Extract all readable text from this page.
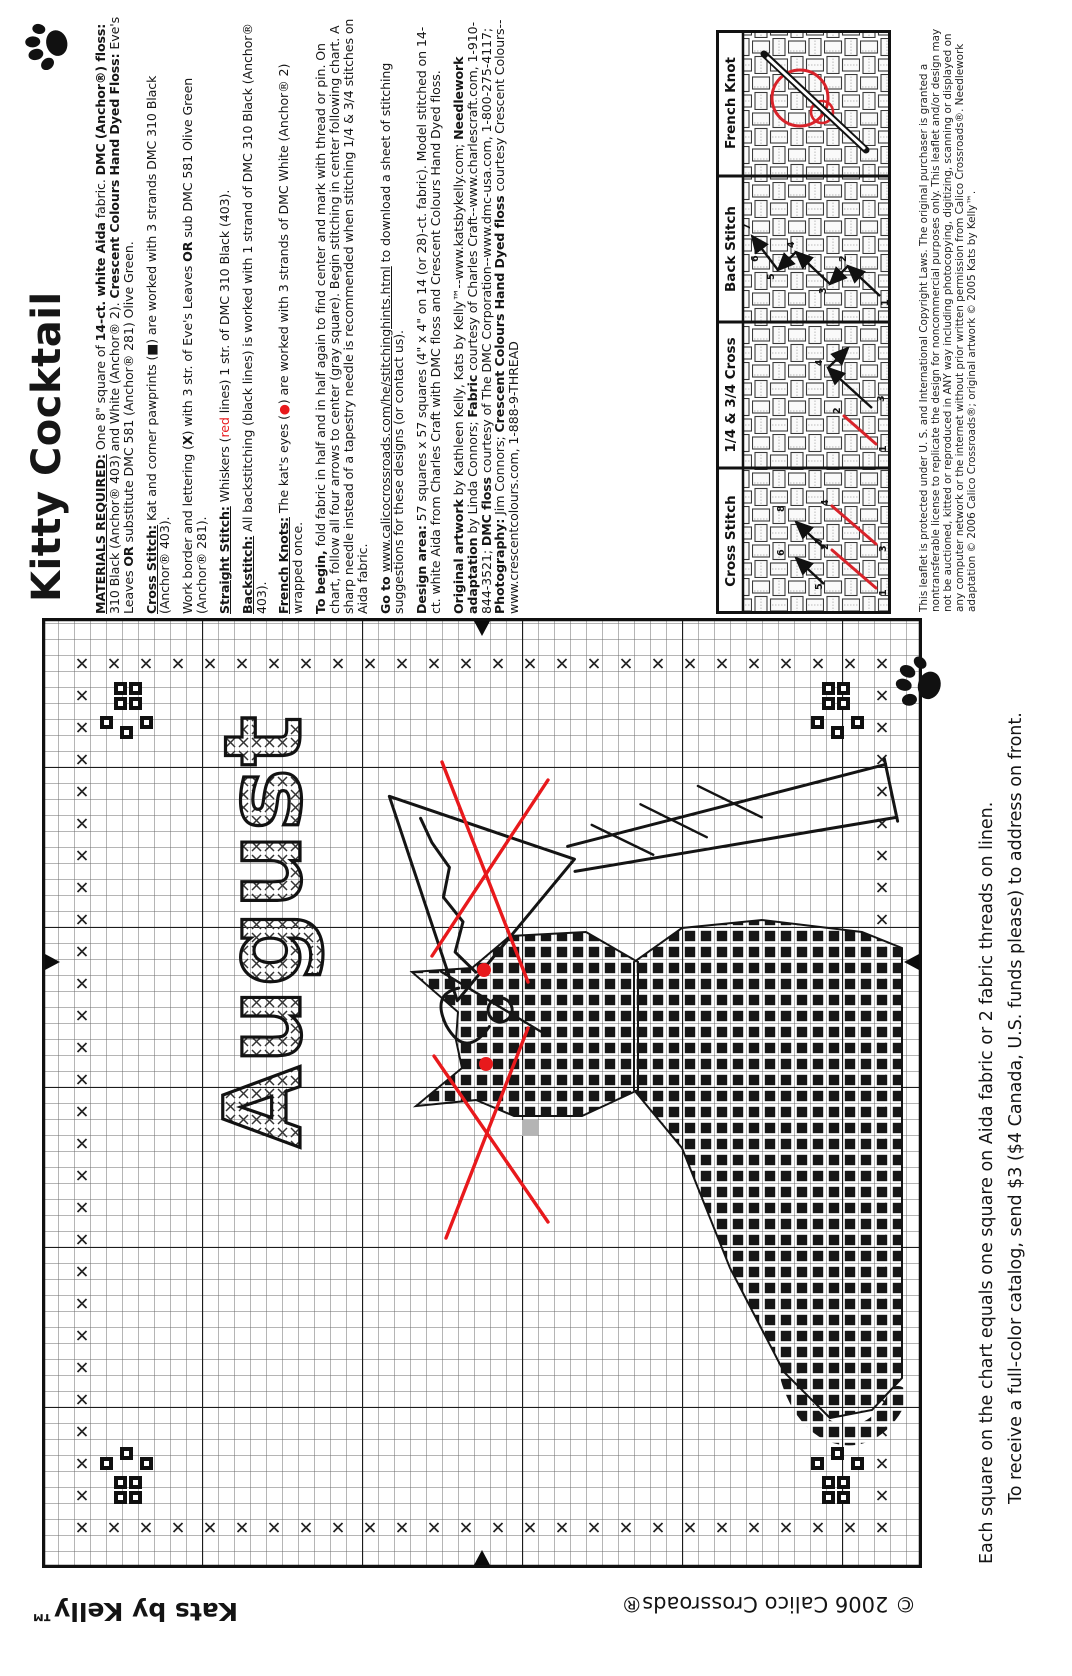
August	Each square on the chart equals one square on Aida fabric or 2 fabric threads on linen. To receive a full-color catalog, send $3 ($4 Canada, U.S. funds please) to address on front.
Kats by Kelly™	© 2006 Calico Crossroads®
Kitty Cocktail MATERIALS REQUIRED: One 8" square of 14-ct. white Aida fabric. DMC (Anchor®) floss: 310 Black (Anchor® 403) and White (Anchor® 2). Crescent Colours Hand Dyed Floss: Eve's Leaves OR substitute DMC 581 (Anchor® 281) Olive Green.

Cross Stitch: Kat and corner pawprints (■) are worked with 3 strands DMC 310 Black (Anchor® 403). Work border and lettering (X) with 3 str. of Eve's Leaves OR sub DMC 581 Olive Green (Anchor® 281). Straight Stitch: Whiskers (red lines) 1 str. of DMC 310 Black (403).

Backstitch: All backstitching (black lines) is worked with 1 strand of DMC 310 Black (Anchor® 403). French Knots: The kat's eyes (●) are worked with 3 strands of DMC White (Anchor® 2) wrapped once. To begin, fold fabric in half and in half again to find center and mark with thread or pin. On chart, follow all four arrows to center (gray square). Begin stitching in center following chart. A sharp needle instead of a tapestry needle is recommended when stitching 1/4 & 3/4 stitches on Aida fabric. Go to www.calicocrossroads.com/he/stitchinghints.html to download a sheet of stitching suggestions for these designs (or contact us). Design area: 57 squares x 57 squares (4" x 4" on 14 (or 28)-ct. fabric). Model stitched on 14-ct. white Aida from Charles Craft with DMC floss and Crescent Colours Hand Dyed floss. Original artwork by Kathleen Kelly, Kats by Kelly™--www.katsbykelly.com; Needlework adaptation by Linda Connors; Fabric courtesy of Charles Craft--www.charlescraft.com, 1-910-844-3521; DMC floss courtesy of The DMC Corporation--www.dmc-usa.com, 1-800-275-4117; Photography: Jim Connors; Crescent Colours Hand Dyed floss courtesy Crescent Colours--www.crescentcolours.com, 1-888-9-THREAD	Cross Stitch
1/4 & 3/4 Cross
Back Stitch
French Knot
1
2	3
4
5
6
7
8
1
2
3
4
1
2
3
4
5
6
7	This leaflet is protected under U. S. and International Copyright Laws. The original purchaser is granted a nontransferable license to replicate the design for noncommercial purposes only. This leaflet and/or design may not be auctioned, kitted or reproduced in ANY way including photocopying, digitizing, scanning or displayed on any computer network or the internet without prior written permission from Calico Crossroads®. Needlework adaptation © 2006 Calico Crossroads®; original artwork © 2005 Kats by Kelly™.
